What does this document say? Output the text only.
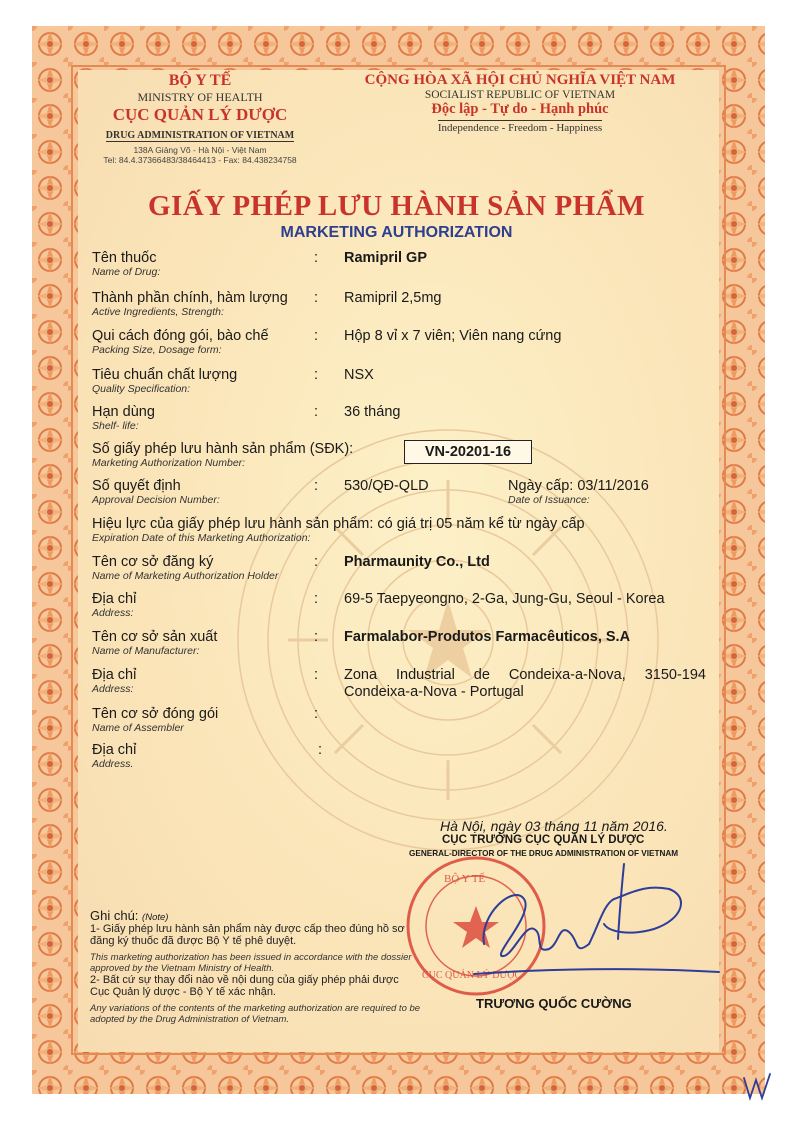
BỘ Y TẾ
MINISTRY OF HEALTH
CỤC QUẢN LÝ DƯỢC
DRUG ADMINISTRATION OF VIETNAM
138A Giảng Võ - Hà Nội - Việt Nam
Tel: 84.4.37366483/38464413 - Fax: 84.438234758
CỘNG HÒA XÃ HỘI CHỦ NGHĨA VIỆT NAM
SOCIALIST REPUBLIC OF VIETNAM
Độc lập - Tự do - Hạnh phúc
Independence - Freedom - Happiness
GIẤY PHÉP LƯU HÀNH SẢN PHẨM
MARKETING AUTHORIZATION
Tên thuốc
Name of Drug:
: Ramipril GP
Thành phần chính, hàm lượng
Active Ingredients, Strength:
: Ramipril 2,5mg
Qui cách đóng gói, bào chế
Packing Size, Dosage form:
: Hộp 8 vỉ x 7 viên; Viên nang cứng
Tiêu chuẩn chất lượng
Quality Specification:
: NSX
Hạn dùng
Shelf- life:
: 36 tháng
Số giấy phép lưu hành sản phẩm (SĐK):
Marketing Authorization Number:
VN-20201-16
Số quyết định
Approval Decision Number:
: 530/QĐ-QLD	Ngày cấp: 03/11/2016
Date of Issuance:
Hiệu lực của giấy phép lưu hành sản phẩm: có giá trị 05 năm kể từ ngày cấp
Expiration Date of this Marketing Authorization:
Tên cơ sở đăng ký
Name of Marketing Authorization Holder
: Pharmaunity Co., Ltd
Địa chỉ
Address:
: 69-5 Taepyeongno, 2-Ga, Jung-Gu, Seoul - Korea
Tên cơ sở sản xuất
Name of Manufacturer:
: Farmalabor-Produtos Farmacêuticos, S.A
Địa chỉ
Address:
: Zona Industrial de Condeixa-a-Nova, 3150-194
Condeixa-a-Nova - Portugal
Tên cơ sở đóng gói
Name of Assembler
:
Địa chỉ
Address.
:
Hà Nội, ngày 03 tháng 11 năm 2016.
CỤC TRƯỞNG CỤC QUẢN LÝ DƯỢC
GENERAL-DIRECTOR OF THE DRUG ADMINISTRATION OF VIETNAM
BỘ Y TẾ
CỤC QUẢN LÝ DƯỢC
TRƯƠNG QUỐC CƯỜNG
Ghi chú: (Note)
1- Giấy phép lưu hành sản phẩm này được cấp theo đúng hồ sơ
đăng ký thuốc đã được Bộ Y tế phê duyệt.
This marketing authorization has been issued in accordance with the dossier
approved by the Vietnam Ministry of Health.
2- Bất cứ sự thay đổi nào về nội dung của giấy phép phải được
Cục Quản lý dược - Bộ Y tế xác nhận.
Any variations of the contents of the marketing authorization are required to be
adopted by the Drug Administration of Vietnam.
